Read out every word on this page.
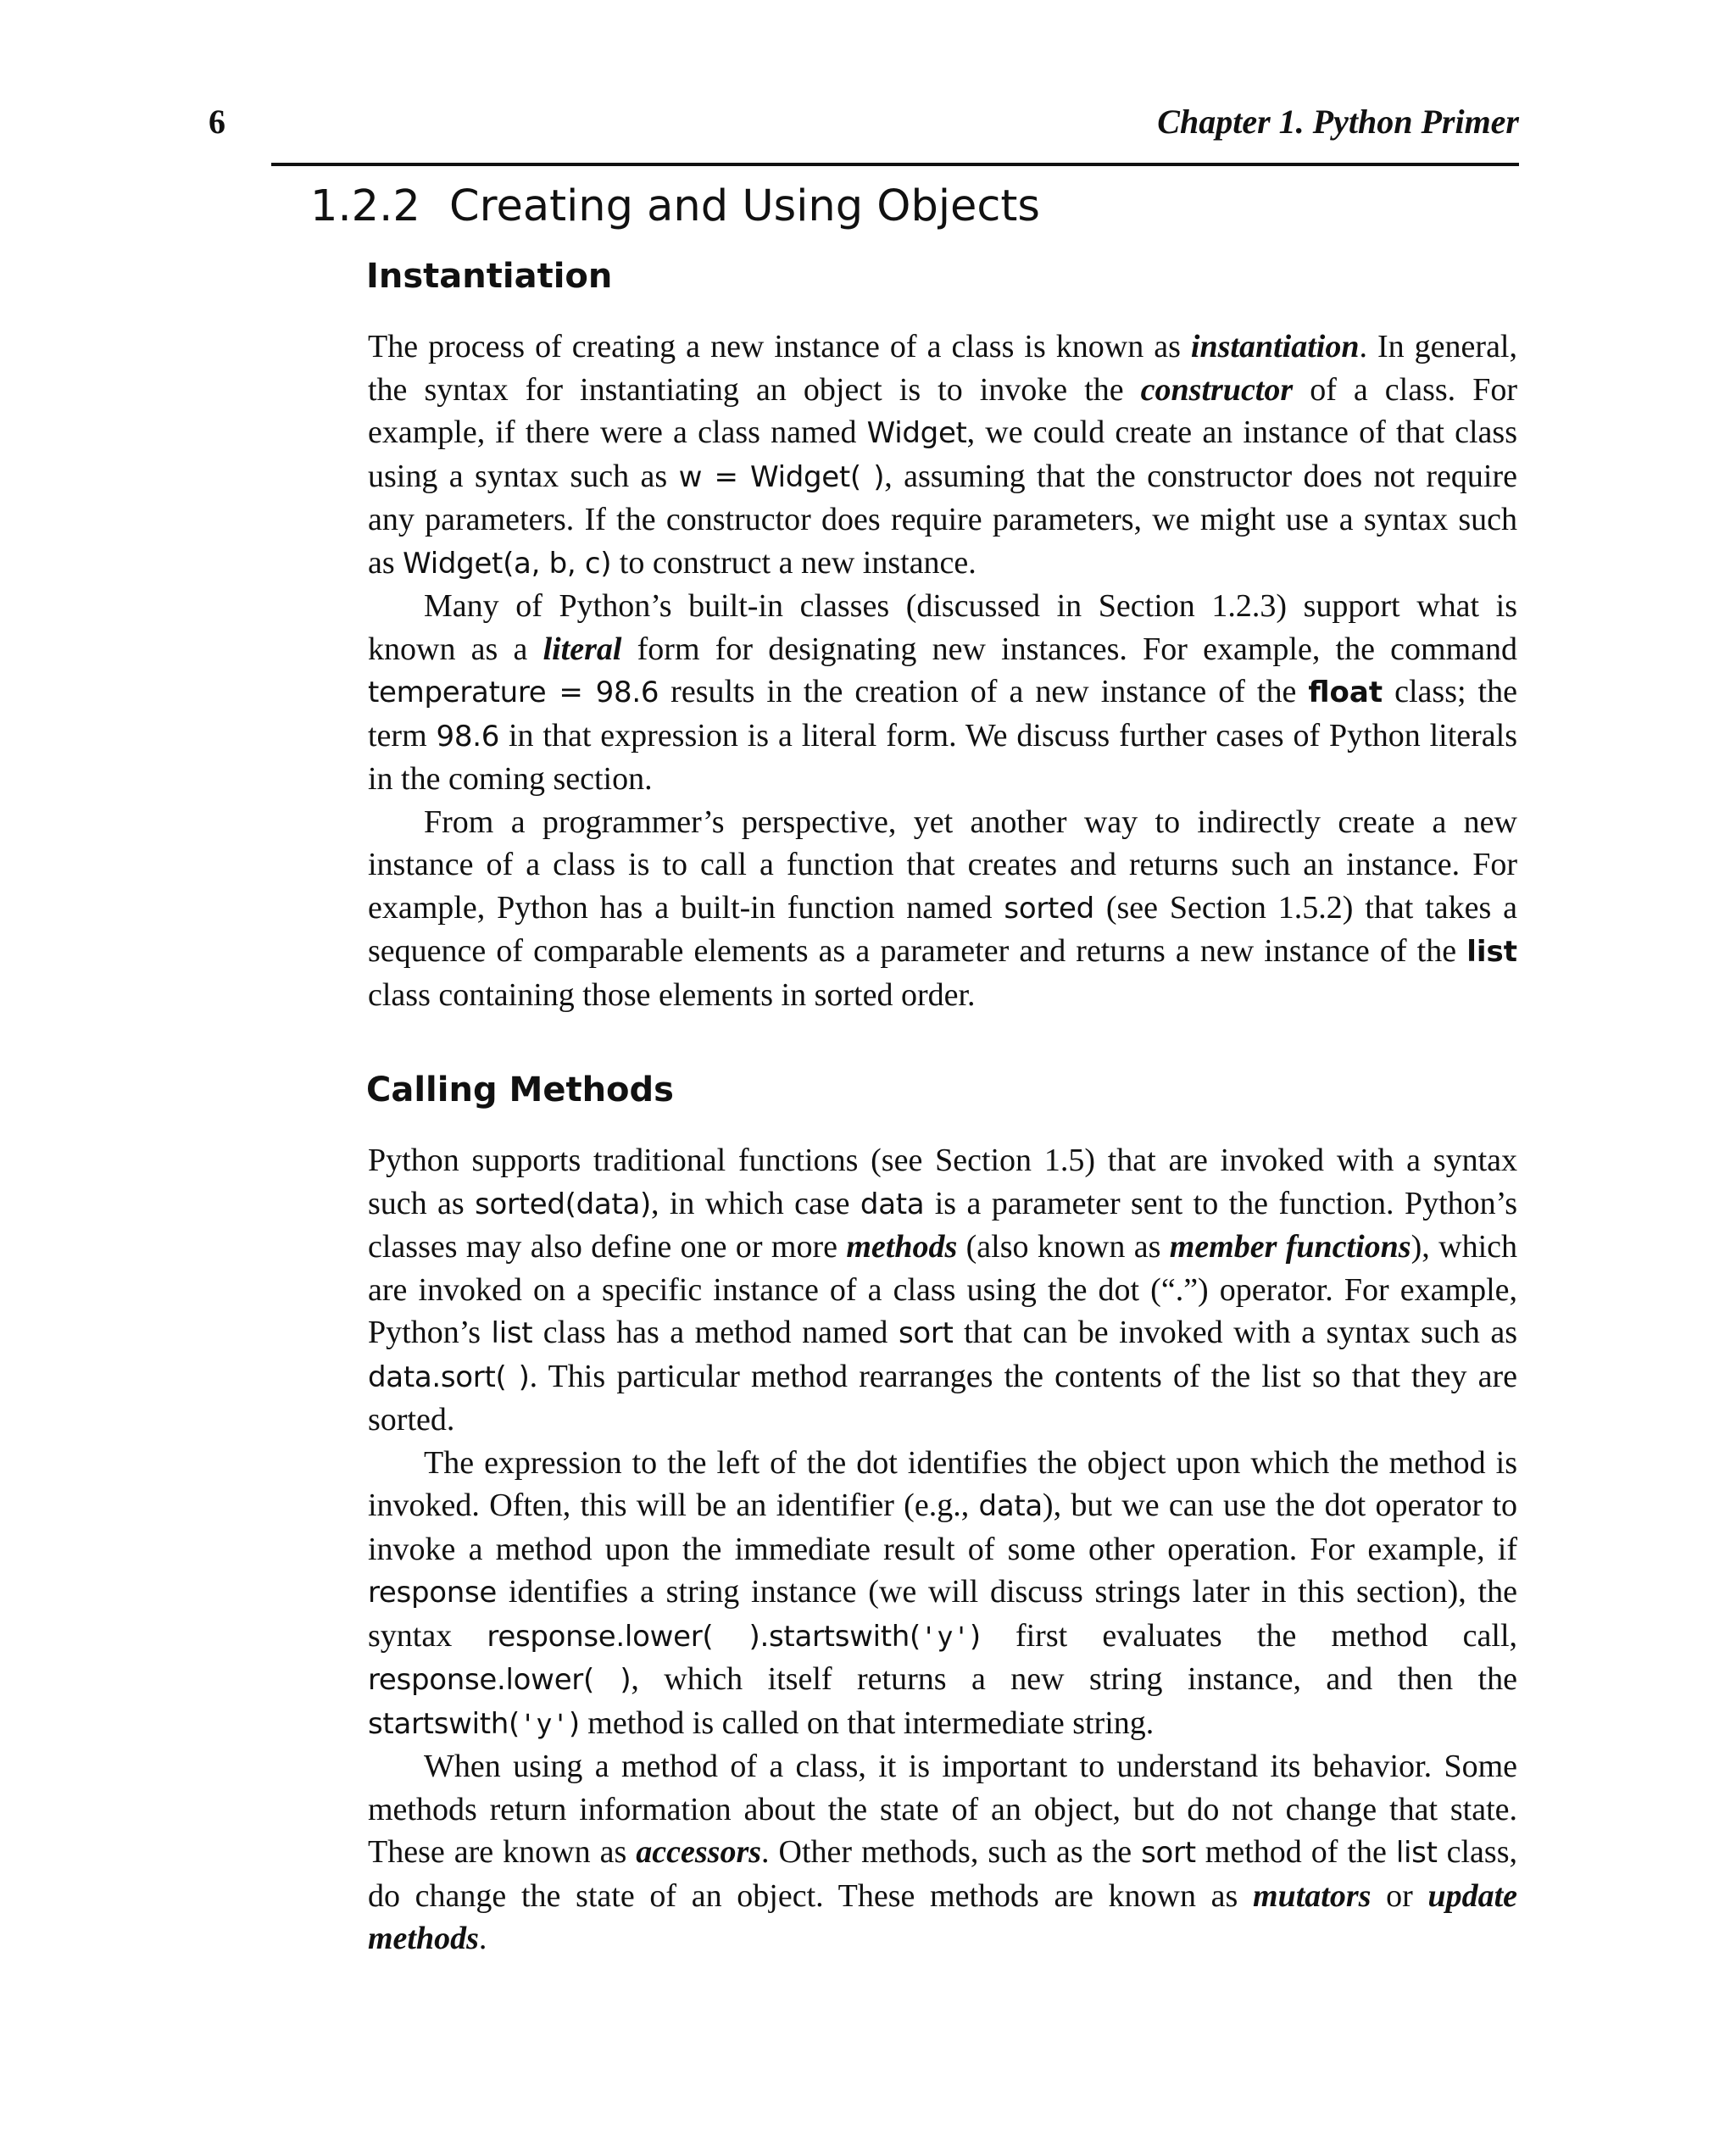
6	Chapter 1. Python Primer
1.2.2 Creating and Using Objects
Instantiation

The process of creating a new instance of a class is known as instantiation. In general, the syntax for instantiating an object is to invoke the constructor of a class. For example, if there were a class named Widget, we could create an instance of that class using a syntax such as w = Widget( ), assuming that the constructor does not require any parameters. If the constructor does require parameters, we might use a syntax such as Widget(a, b, c) to construct a new instance.

Many of Python’s built-in classes (discussed in Section 1.2.3) support what is known as a literal form for designating new instances. For example, the command temperature = 98.6 results in the creation of a new instance of the float class; the term 98.6 in that expression is a literal form. We discuss further cases of Python literals in the coming section.

From a programmer’s perspective, yet another way to indirectly create a new instance of a class is to call a function that creates and returns such an instance. For example, Python has a built-in function named sorted (see Section 1.5.2) that takes a sequence of comparable elements as a parameter and returns a new instance of the list class containing those elements in sorted order.

Calling Methods

Python supports traditional functions (see Section 1.5) that are invoked with a syntax such as sorted(data), in which case data is a parameter sent to the function. Python’s classes may also define one or more methods (also known as member functions), which are invoked on a specific instance of a class using the dot (“.”) operator. For example, Python’s list class has a method named sort that can be invoked with a syntax such as data.sort( ). This particular method rearranges the contents of the list so that they are sorted.

The expression to the left of the dot identifies the object upon which the method is invoked. Often, this will be an identifier (e.g., data), but we can use the dot operator to invoke a method upon the immediate result of some other operation. For example, if response identifies a string instance (we will discuss strings later in this section), the syntax response.lower( ).startswith('y') first evaluates the method call, response.lower( ), which itself returns a new string instance, and then the startswith('y') method is called on that intermediate string.

When using a method of a class, it is important to understand its behavior. Some methods return information about the state of an object, but do not change that state. These are known as accessors. Other methods, such as the sort method of the list class, do change the state of an object. These methods are known as mutators or update methods.
